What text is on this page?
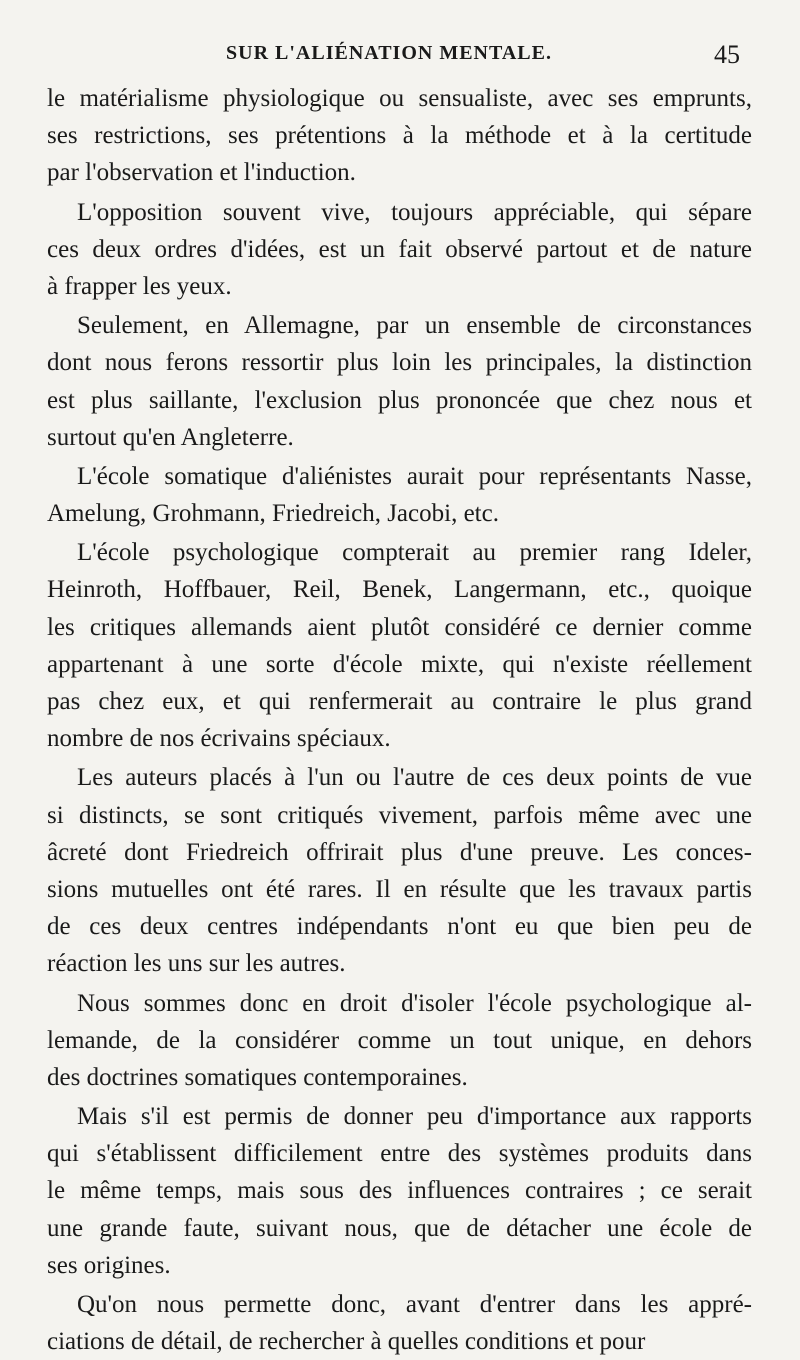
SUR L'ALIÉNATION MENTALE.	45
le matérialisme physiologique ou sensualiste, avec ses emprunts,
ses restrictions, ses prétentions à la méthode et à la certitude
par l'observation et l'induction.
L'opposition souvent vive, toujours appréciable, qui sépare
ces deux ordres d'idées, est un fait observé partout et de nature
à frapper les yeux.
Seulement, en Allemagne, par un ensemble de circonstances
dont nous ferons ressortir plus loin les principales, la distinction
est plus saillante, l'exclusion plus prononcée que chez nous et
surtout qu'en Angleterre.
L'école somatique d'aliénistes aurait pour représentants Nasse,
Amelung, Grohmann, Friedreich, Jacobi, etc.
L'école psychologique compterait au premier rang Ideler,
Heinroth, Hoffbauer, Reil, Benek, Langermann, etc., quoique
les critiques allemands aient plutôt considéré ce dernier comme
appartenant à une sorte d'école mixte, qui n'existe réellement
pas chez eux, et qui renfermerait au contraire le plus grand
nombre de nos écrivains spéciaux.
Les auteurs placés à l'un ou l'autre de ces deux points de vue
si distincts, se sont critiqués vivement, parfois même avec une
âcreté dont Friedreich offrirait plus d'une preuve. Les conces-
sions mutuelles ont été rares. Il en résulte que les travaux partis
de ces deux centres indépendants n'ont eu que bien peu de
réaction les uns sur les autres.
Nous sommes donc en droit d'isoler l'école psychologique al-
lemande, de la considérer comme un tout unique, en dehors
des doctrines somatiques contemporaines.
Mais s'il est permis de donner peu d'importance aux rapports
qui s'établissent difficilement entre des systèmes produits dans
le même temps, mais sous des influences contraires ; ce serait
une grande faute, suivant nous, que de détacher une école de
ses origines.
Qu'on nous permette donc, avant d'entrer dans les appré-
ciations de détail, de rechercher à quelles conditions et pour
